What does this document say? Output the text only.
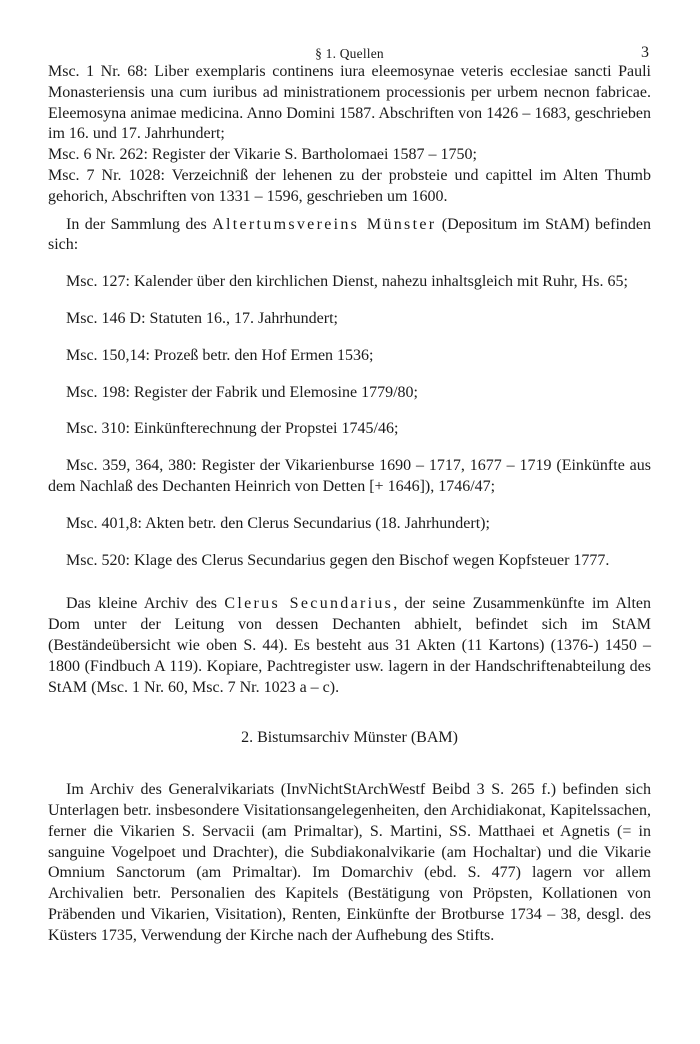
§ 1. Quellen	3

Msc. 1 Nr. 68: Liber exemplaris continens iura eleemosynae veteris ecclesiae sancti Pauli Monasteriensis una cum iuribus ad ministrationem processionis per urbem necnon fabricae. Eleemosyna animae medicina. Anno Domini 1587. Abschriften von 1426 – 1683, geschrieben im 16. und 17. Jahrhundert;

Msc. 6 Nr. 262: Register der Vikarie S. Bartholomaei 1587 – 1750;

Msc. 7 Nr. 1028: Verzeichniß der lehenen zu der probsteie und capittel im Alten Thumb gehorich, Abschriften von 1331 – 1596, geschrieben um 1600.

In der Sammlung des Altertumsvereins Münster (Depositum im StAM) befinden sich:

Msc. 127: Kalender über den kirchlichen Dienst, nahezu inhaltsgleich mit Ruhr, Hs. 65;

Msc. 146 D: Statuten 16., 17. Jahrhundert;

Msc. 150,14: Prozeß betr. den Hof Ermen 1536;

Msc. 198: Register der Fabrik und Elemosine 1779/80;

Msc. 310: Einkünfterechnung der Propstei 1745/46;

Msc. 359, 364, 380: Register der Vikarienburse 1690 – 1717, 1677 – 1719 (Einkünfte aus dem Nachlaß des Dechanten Heinrich von Detten [+ 1646]), 1746/47;

Msc. 401,8: Akten betr. den Clerus Secundarius (18. Jahrhundert);

Msc. 520: Klage des Clerus Secundarius gegen den Bischof wegen Kopfsteuer 1777.

Das kleine Archiv des Clerus Secundarius, der seine Zusammenkünfte im Alten Dom unter der Leitung von dessen Dechanten abhielt, befindet sich im StAM (Beständeübersicht wie oben S. 44). Es besteht aus 31 Akten (11 Kartons) (1376-) 1450 – 1800 (Findbuch A 119). Kopiare, Pachtregister usw. lagern in der Handschriftenabteilung des StAM (Msc. 1 Nr. 60, Msc. 7 Nr. 1023 a – c).

2. Bistumsarchiv Münster (BAM)

Im Archiv des Generalvikariats (InvNichtStArchWestf Beibd 3 S. 265 f.) befinden sich Unterlagen betr. insbesondere Visitationsangelegenheiten, den Archidiakonat, Kapitelssachen, ferner die Vikarien S. Servacii (am Primaltar), S. Martini, SS. Matthaei et Agnetis (= in sanguine Vogelpoet und Drachter), die Subdiakonalvikarie (am Hochaltar) und die Vikarie Omnium Sanctorum (am Primaltar). Im Domarchiv (ebd. S. 477) lagern vor allem Archivalien betr. Personalien des Kapitels (Bestätigung von Pröpsten, Kollationen von Präbenden und Vikarien, Visitation), Renten, Einkünfte der Brotburse 1734 – 38, desgl. des Küsters 1735, Verwendung der Kirche nach der Aufhebung des Stifts.
